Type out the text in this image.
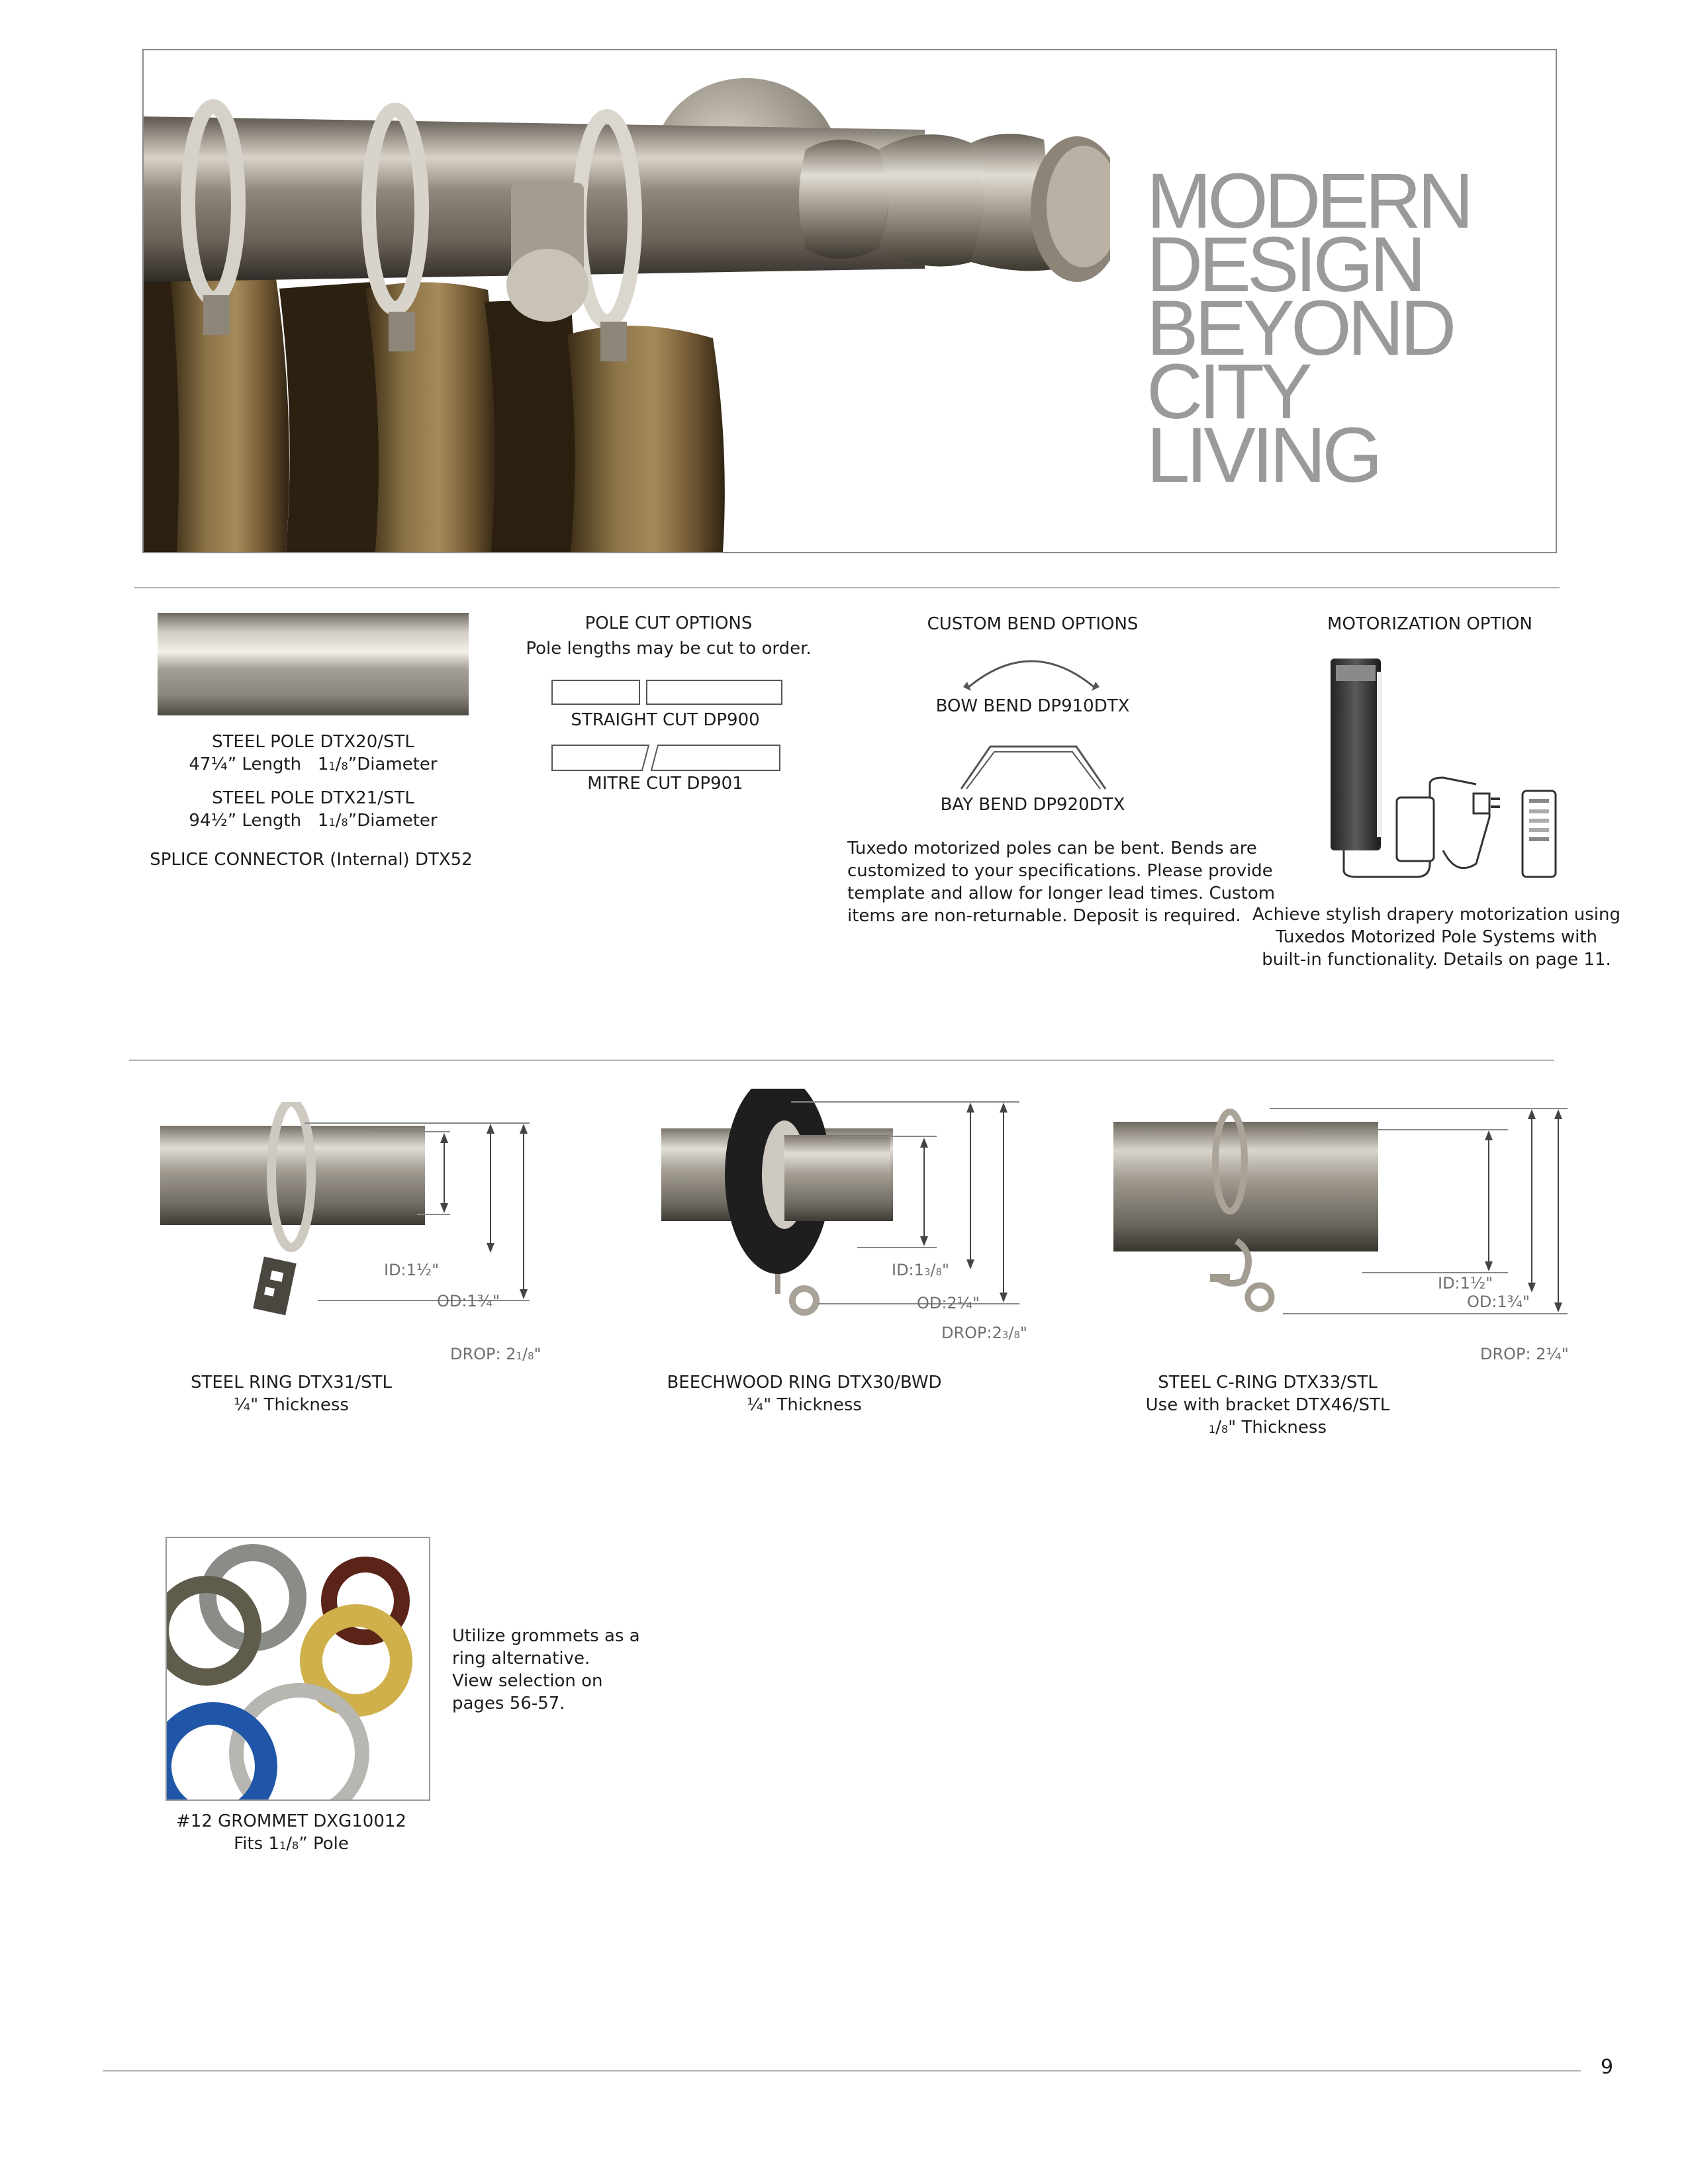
MODERN
DESIGN
BEYOND
CITY LIVING
STEEL POLE DTX20/STL
47¼” Length $1^1/8”Diameter$
STEEL POLE DTX21/STL
94½” Length $1^1/8”Diameter$
SPLICE CONNECTOR (Internal) DTX52
POLE CUT OPTIONS
Pole lengths may be cut to order.
STRAIGHT CUT DP900
MITRE CUT DP901
CUSTOM BEND OPTIONS
BOW BEND DP910DTX
BAY BEND DP920DTX
Tuxedo motorized poles can be bent. Bends are
customized to your specifications. Please provide
template and allow for longer lead times. Custom
items are non-returnable. Deposit is required.
MOTORIZATION OPTION
Achieve stylish drapery motorization using
Tuxedos Motorized Pole Systems with
built-in functionality. Details on page 11.
ID:1½"
OD:1¾"
DROP: $2^1/8$"
STEEL RING DTX31/STL
¼" Thickness
$ID:1^3/8$"
OD:2¼"
$DROP:2^3/8$"
BEECHWOOD RING DTX30/BWD
¼" Thickness
ID:1½"
OD:1¾"
DROP: 2¼"
STEEL C-RING DTX33/STL
Use with bracket DTX46/STL
$^1$/8" Thickness
Utilize grommets as a
ring alternative.
View selection on
pages 56-57.
#12 GROMMET DXG10012
Fits $1^1/8$” Pole
9
